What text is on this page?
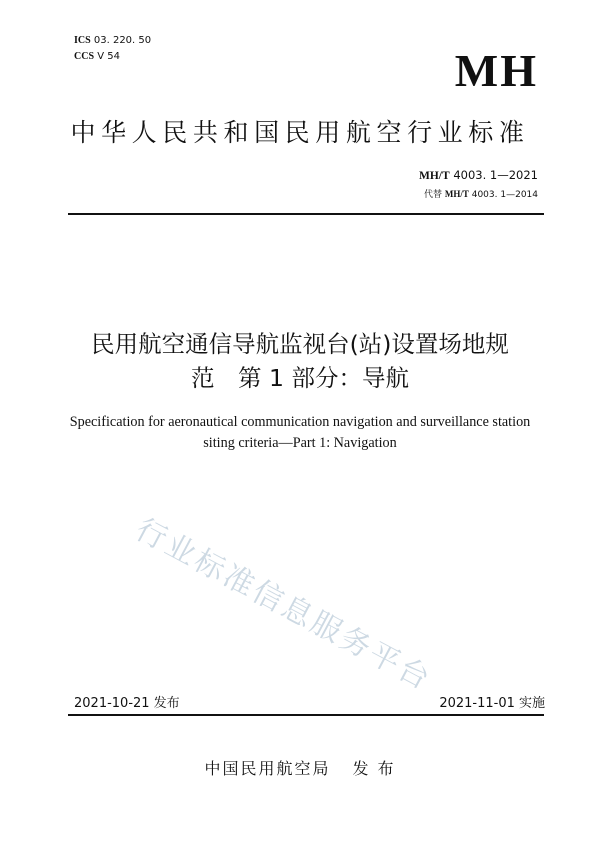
ICS 03. 220. 50
CCS V 54	MH
中华人民共和国民用航空行业标准
MH/T 4003. 1—2021
代替 MH/T 4003. 1—2014
民用航空通信导航监视台(站)设置场地规
范　第 1 部分：导航
Specification for aeronautical communication navigation and surveillance station
siting criteria—Part 1: Navigation
行业标准信息服务平台
2021-10-21 发布	2021-11-01 实施
中国民用航空局 发 布
